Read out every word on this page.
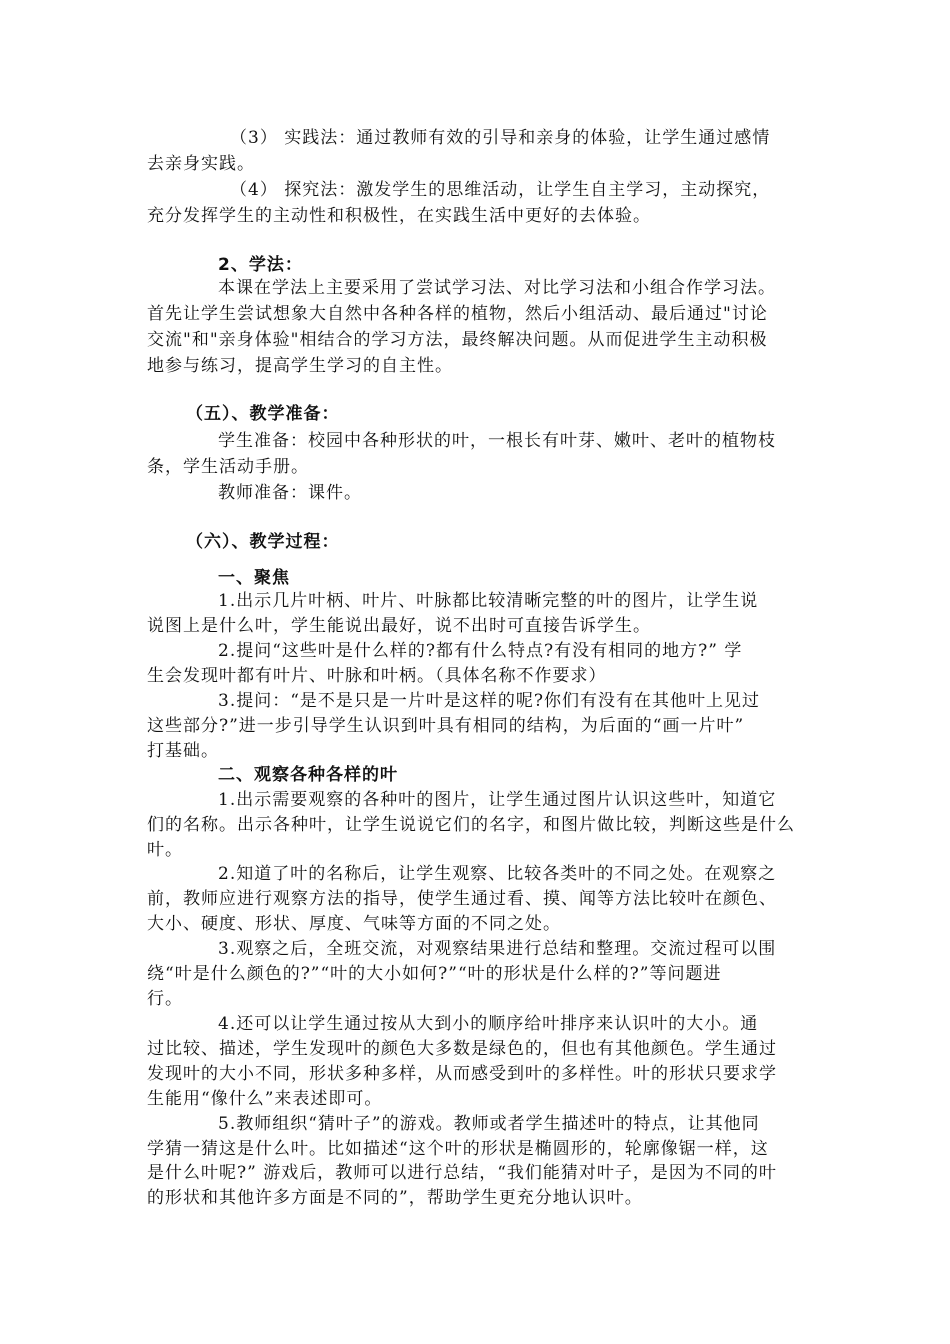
（3） 实践法：通过教师有效的引导和亲身的体验，让学生通过感情
去亲身实践。
（4） 探究法：激发学生的思维活动，让学生自主学习，主动探究，
充分发挥学生的主动性和积极性，在实践生活中更好的去体验。
2、学法：
本课在学法上主要采用了尝试学习法、对比学习法和小组合作学习法。
首先让学生尝试想象大自然中各种各样的植物，然后小组活动、最后通过"讨论
交流"和"亲身体验"相结合的学习方法，最终解决问题。从而促进学生主动积极
地参与练习，提高学生学习的自主性。
（五）、教学准备：
学生准备：校园中各种形状的叶，一根长有叶芽、嫩叶、老叶的植物枝
条，学生活动手册。
教师准备：课件。
（六）、教学过程：
一、聚焦
1.出示几片叶柄、叶片、叶脉都比较清晰完整的叶的图片，让学生说
说图上是什么叶，学生能说出最好，说不出时可直接告诉学生。
2.提问“这些叶是什么样的?都有什么特点?有没有相同的地方?” 学
生会发现叶都有叶片、叶脉和叶柄。（具体名称不作要求）
3.提问：“是不是只是一片叶是这样的呢?你们有没有在其他叶上见过
这些部分?”进一步引导学生认识到叶具有相同的结构，为后面的“画一片叶”
打基础。
二、观察各种各样的叶
1.出示需要观察的各种叶的图片，让学生通过图片认识这些叶，知道它
们的名称。出示各种叶，让学生说说它们的名字，和图片做比较，判断这些是什么
叶。
2.知道了叶的名称后，让学生观察、比较各类叶的不同之处。在观察之
前，教师应进行观察方法的指导，使学生通过看、摸、闻等方法比较叶在颜色、
大小、硬度、形状、厚度、气味等方面的不同之处。
3.观察之后，全班交流，对观察结果进行总结和整理。交流过程可以围
绕“叶是什么颜色的?”“叶的大小如何?”“叶的形状是什么样的?”等问题进
行。
4.还可以让学生通过按从大到小的顺序给叶排序来认识叶的大小。通
过比较、描述，学生发现叶的颜色大多数是绿色的，但也有其他颜色。学生通过
发现叶的大小不同，形状多种多样，从而感受到叶的多样性。叶的形状只要求学
生能用“像什么”来表述即可。
5.教师组织“猜叶子”的游戏。教师或者学生描述叶的特点，让其他同
学猜一猜这是什么叶。比如描述“这个叶的形状是椭圆形的，轮廓像锯一样，这
是什么叶呢?” 游戏后，教师可以进行总结，“我们能猜对叶子，是因为不同的叶
的形状和其他许多方面是不同的”，帮助学生更充分地认识叶。
